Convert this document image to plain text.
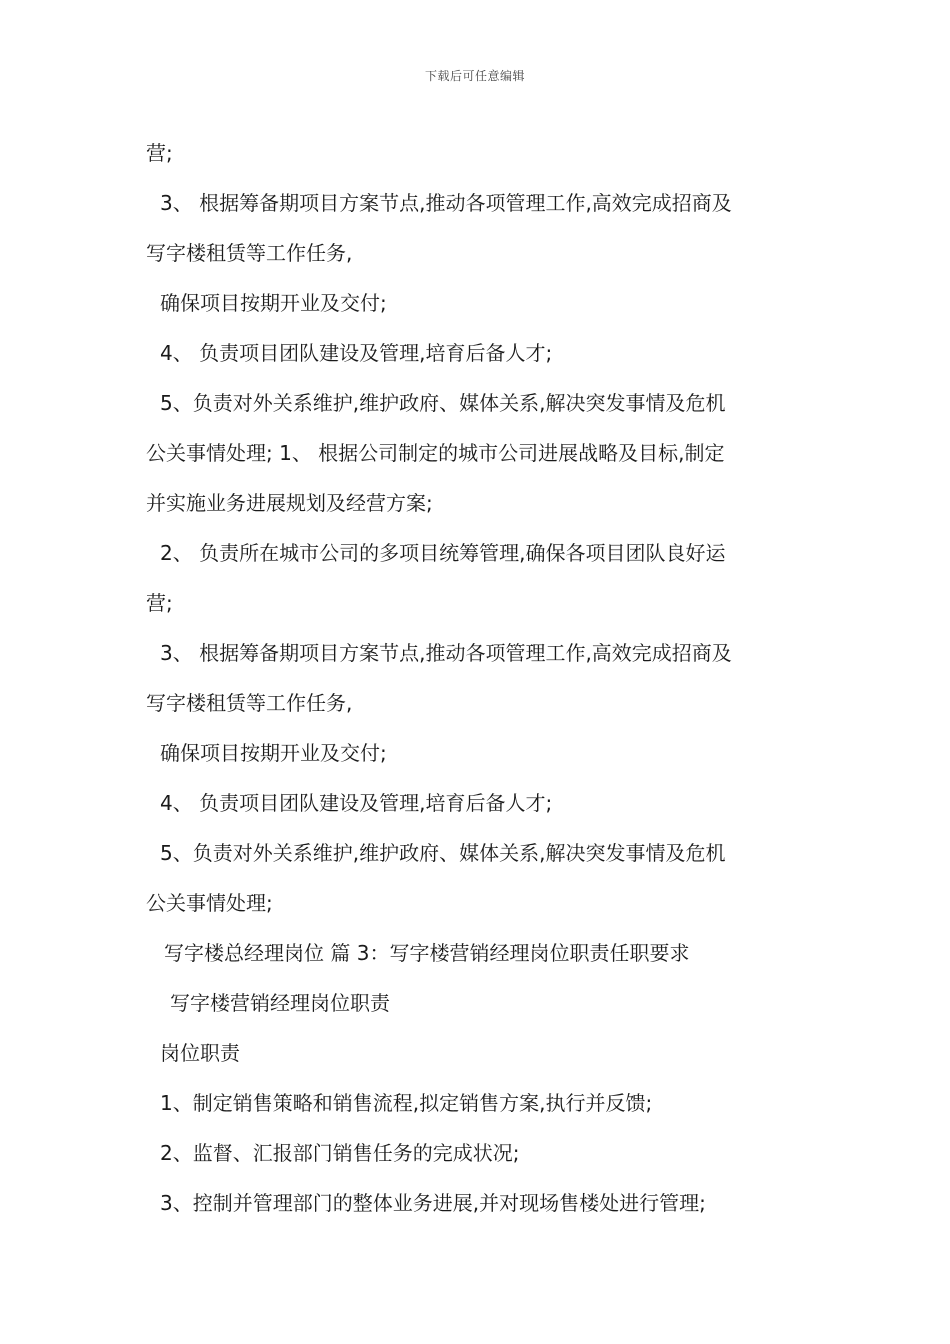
下载后可任意编辑
营;
3、 根据筹备期项目方案节点,推动各项管理工作,高效完成招商及
写字楼租赁等工作任务,
确保项目按期开业及交付;
4、 负责项目团队建设及管理,培育后备人才;
5、负责对外关系维护,维护政府、媒体关系,解决突发事情及危机
公关事情处理; 1、 根据公司制定的城市公司进展战略及目标,制定
并实施业务进展规划及经营方案;
2、 负责所在城市公司的多项目统筹管理,确保各项目团队良好运
营;
3、 根据筹备期项目方案节点,推动各项管理工作,高效完成招商及
写字楼租赁等工作任务,
确保项目按期开业及交付;
4、 负责项目团队建设及管理,培育后备人才;
5、负责对外关系维护,维护政府、媒体关系,解决突发事情及危机
公关事情处理;
写字楼总经理岗位 篇 3：写字楼营销经理岗位职责任职要求
写字楼营销经理岗位职责
岗位职责
1、制定销售策略和销售流程,拟定销售方案,执行并反馈;
2、监督、汇报部门销售任务的完成状况;
3、控制并管理部门的整体业务进展,并对现场售楼处进行管理;
